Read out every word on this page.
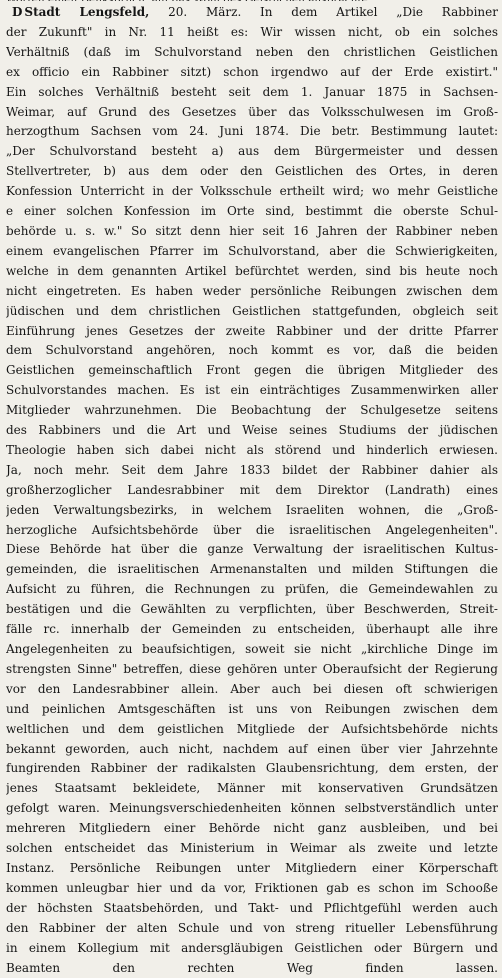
D Stadt Lengsfeld, 20. März. In dem Artikel „Die Rabbiner
der Zukunft" in Nr. 11 heißt es: Wir wissen nicht, ob ein solches
Verhältniß (daß im Schulvorstand neben den christlichen Geistlichen
ex officio ein Rabbiner sitzt) schon irgendwo auf der Erde existirt."
Ein solches Verhältniß besteht seit dem 1. Januar 1875 in Sachsen-
Weimar, auf Grund des Gesetzes über das Volksschulwesen im Groß-
herzogthum Sachsen vom 24. Juni 1874. Die betr. Bestimmung lautet:
„Der Schulvorstand besteht a) aus dem Bürgermeister und dessen
Stellvertreter, b) aus dem oder den Geistlichen des Ortes, in deren
Konfession Unterricht in der Volksschule ertheilt wird; wo mehr Geistliche
e einer solchen Konfession im Orte sind, bestimmt die oberste Schul-
behörde u. s. w." So sitzt denn hier seit 16 Jahren der Rabbiner neben
einem evangelischen Pfarrer im Schulvorstand, aber die Schwierigkeiten,
welche in dem genannten Artikel befürchtet werden, sind bis heute noch
nicht eingetreten. Es haben weder persönliche Reibungen zwischen dem
jüdischen und dem christlichen Geistlichen stattgefunden, obgleich seit
Einführung jenes Gesetzes der zweite Rabbiner und der dritte Pfarrer
dem Schulvorstand angehören, noch kommt es vor, daß die beiden
Geistlichen gemeinschaftlich Front gegen die übrigen Mitglieder des
Schulvorstandes machen. Es ist ein einträchtiges Zusammenwirken aller
Mitglieder wahrzunehmen. Die Beobachtung der Schulgesetze seitens
des Rabbiners und die Art und Weise seines Studiums der jüdischen
Theologie haben sich dabei nicht als störend und hinderlich erwiesen.
Ja, noch mehr. Seit dem Jahre 1833 bildet der Rabbiner dahier als
großherzoglicher Landesrabbiner mit dem Direktor (Landrath) eines
jeden Verwaltungsbezirks, in welchem Israeliten wohnen, die „Groß-
herzogliche Aufsichtsbehörde über die israelitischen Angelegenheiten".
Diese Behörde hat über die ganze Verwaltung der israelitischen Kultus-
gemeinden, die israelitischen Armenanstalten und milden Stiftungen die
Aufsicht zu führen, die Rechnungen zu prüfen, die Gemeindewahlen zu
bestätigen und die Gewählten zu verpflichten, über Beschwerden, Streit-
fälle rc. innerhalb der Gemeinden zu entscheiden, überhaupt alle ihre
Angelegenheiten zu beaufsichtigen, soweit sie nicht „kirchliche Dinge im
strengsten Sinne" betreffen, diese gehören unter Oberaufsicht der Regierung
vor den Landesrabbiner allein. Aber auch bei diesen oft schwierigen
und peinlichen Amtsgeschäften ist uns von Reibungen zwischen dem
weltlichen und dem geistlichen Mitgliede der Aufsichtsbehörde nichts
bekannt geworden, auch nicht, nachdem auf einen über vier Jahrzehnte
fungirenden Rabbiner der radikalsten Glaubensrichtung, dem ersten, der
jenes Staatsamt bekleidete, Männer mit konservativen Grundsätzen
gefolgt waren. Meinungsverschiedenheiten können selbstverständlich unter
mehreren Mitgliedern einer Behörde nicht ganz ausbleiben, und bei
solchen entscheidet das Ministerium in Weimar als zweite und letzte
Instanz. Persönliche Reibungen unter Mitgliedern einer Körperschaft
kommen unleugbar hier und da vor, Friktionen gab es schon im Schooße
der höchsten Staatsbehörden, und Takt- und Pflichtgefühl werden auch
den Rabbiner der alten Schule und von streng ritueller Lebensführung
in einem Kollegium mit andersgläubigen Geistlichen oder Bürgern und
Beamten den rechten Weg finden lassen.
